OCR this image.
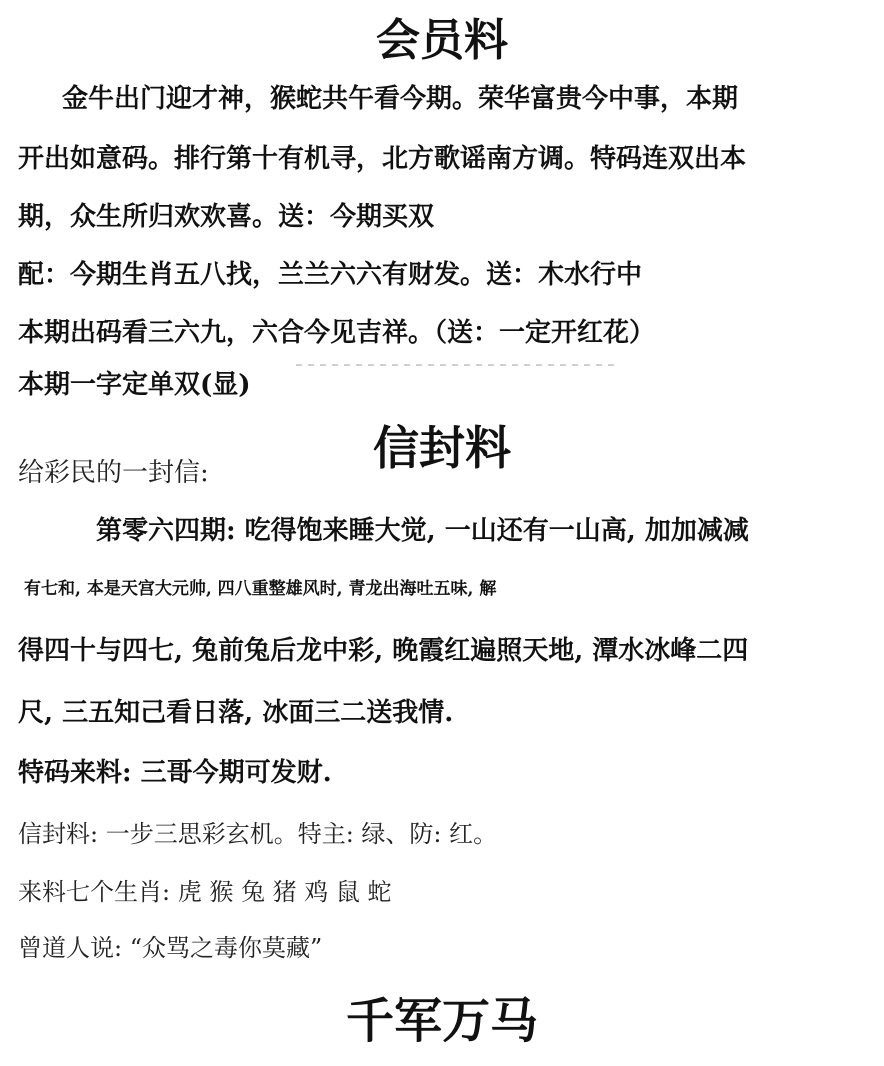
会员料

金牛出门迎才神，猴蛇共午看今期。荣华富贵今中事，本期

开出如意码。排行第十有机寻，北方歌谣南方调。特码连双出本

期，众生所归欢欢喜。送：今期买双

配：今期生肖五八找，兰兰六六有财发。送：木水行中

本期出码看三六九，六合今见吉祥。（送：一定开红花）

本期一字定单双(显)

信封料

给彩民的一封信:

第零六四期: 吃得饱来睡大觉, 一山还有一山高, 加加减减

有七和, 本是天宫大元帅, 四八重整雄风时, 青龙出海吐五味, 解

得四十与四七, 兔前兔后龙中彩, 晚霞红遍照天地, 潭水冰峰二四

尺, 三五知己看日落, 冰面三二送我情.

特码来料: 三哥今期可发财.

信封料: 一步三思彩玄机。特主: 绿、防: 红。

来料七个生肖: 虎 猴 兔 猪 鸡 鼠 蛇

曾道人说: “众骂之毒你莫藏”

千军万马
